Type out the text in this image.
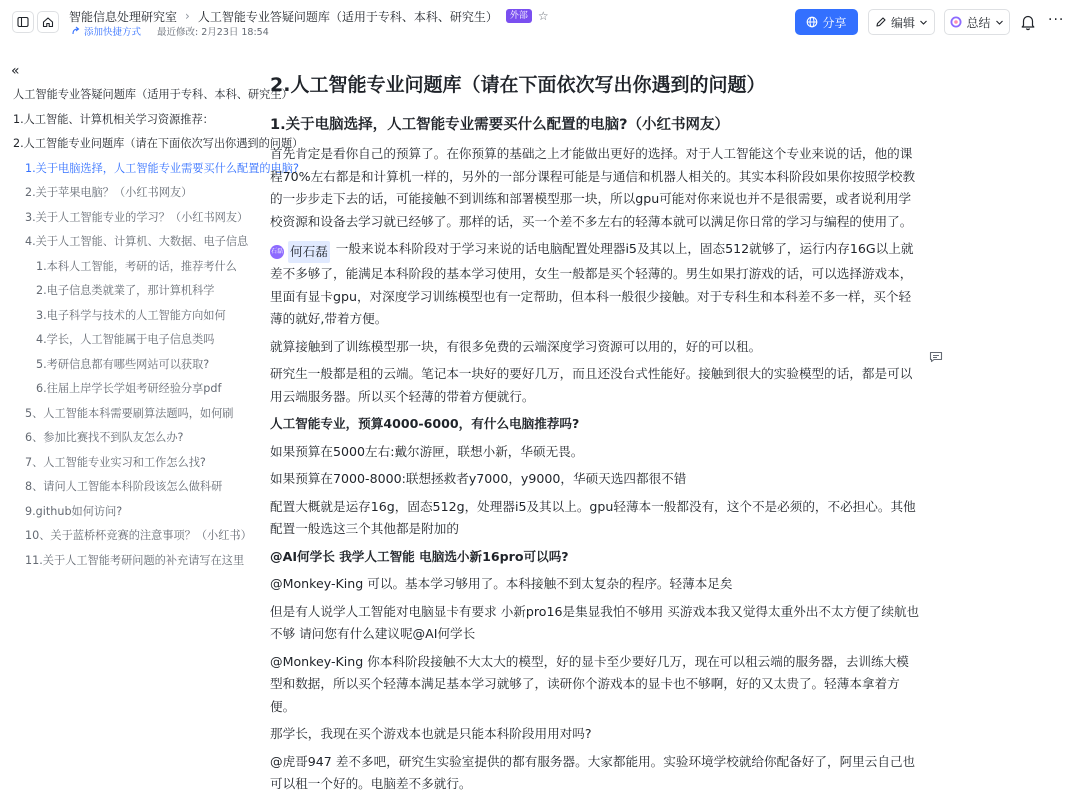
智能信息处理研究室 › 人工智能专业答疑问题库（适用于专科、本科、研究生）	外部 ☆
添加快捷方式 最近修改: 2月23日 18:54
分享	编辑	总结	···
«
人工智能专业答疑问题库（适用于专科、本科、研究生）
1.人工智能、计算机相关学习资源推荐：
2.人工智能专业问题库（请在下面依次写出你遇到的问题）
1.关于电脑选择，人工智能专业需要买什么配置的电脑?
2.关于苹果电脑？（小红书网友）
3.关于人工智能专业的学习？（小红书网友）
4.关于人工智能、计算机、大数据、电子信息
1.本科人工智能，考研的话，推荐考什么
2.电子信息类就業了，那计算机科学
3.电子科学与技术的人工智能方向如何
4.学长，人工智能属于电子信息类吗
5.考研信息都有哪些网站可以获取?
6.往届上岸学长学姐考研经验分享pdf
5、人工智能本科需要刷算法题吗，如何刷
6、参加比赛找不到队友怎么办?
7、人工智能专业实习和工作怎么找?
8、请问人工智能本科阶段该怎么做科研
9.github如何访问?
10、关于蓝桥杯竞赛的注意事项？（小红书）
11.关于人工智能考研问题的补充请写在这里
2.人工智能专业问题库（请在下面依次写出你遇到的问题）
1.关于电脑选择，人工智能专业需要买什么配置的电脑?（小红书网友）
首先肯定是看你自己的预算了。在你预算的基础之上才能做出更好的选择。对于人工智能这个专业来说的话，他的课程70%左右都是和计算机一样的，另外的一部分课程可能是与通信和机器人相关的。其实本科阶段如果你按照学校教的一步步走下去的话，可能接触不到训练和部署模型那一块，所以gpu可能对你来说也并不是很需要，或者说利用学校资源和设备去学习就已经够了。那样的话，买一个差不多左右的轻薄本就可以满足你日常的学习与编程的使用了。
石磊 何石磊 一般来说本科阶段对于学习来说的话电脑配置处理器i5及其以上，固态512就够了，运行内存16G以上就差不多够了，能满足本科阶段的基本学习使用，女生一般都是买个轻薄的。男生如果打游戏的话，可以选择游戏本，里面有显卡gpu，对深度学习训练模型也有一定帮助，但本科一般很少接触。对于专科生和本科差不多一样，买个轻薄的就好,带着方便。
就算接触到了训练模型那一块，有很多免费的云端深度学习资源可以用的，好的可以租。
研究生一般都是租的云端。笔记本一块好的要好几万，而且还没台式性能好。接触到很大的实验模型的话，都是可以用云端服务器。所以买个轻薄的带着方便就行。
人工智能专业，预算4000-6000，有什么电脑推荐吗?
如果预算在5000左右:戴尔游匣，联想小新，华硕无畏。
如果预算在7000-8000:联想拯救者y7000，y9000，华硕天选四都很不错
配置大概就是运存16g，固态512g，处理器i5及其以上。gpu轻薄本一般都没有，这个不是必须的，不必担心。其他配置一般选这三个其他都是附加的
@AI何学长 我学人工智能 电脑选小新16pro可以吗?
@Monkey-King 可以。基本学习够用了。本科接触不到太复杂的程序。轻薄本足矣
但是有人说学人工智能对电脑显卡有要求 小新pro16是集显我怕不够用 买游戏本我又觉得太重外出不太方便了续航也不够 请问您有什么建议呢@AI何学长
@Monkey-King 你本科阶段接触不大太大的模型，好的显卡至少要好几万，现在可以租云端的服务器，去训练大模型和数据，所以买个轻薄本满足基本学习就够了，读研你个游戏本的显卡也不够啊，好的又太贵了。轻薄本拿着方便。
那学长，我现在买个游戏本也就是只能本科阶段用用对吗?
@虎哥947 差不多吧，研究生实验室提供的都有服务器。大家都能用。实验环境学校就给你配备好了，阿里云自己也可以租一个好的。电脑差不多就行。
